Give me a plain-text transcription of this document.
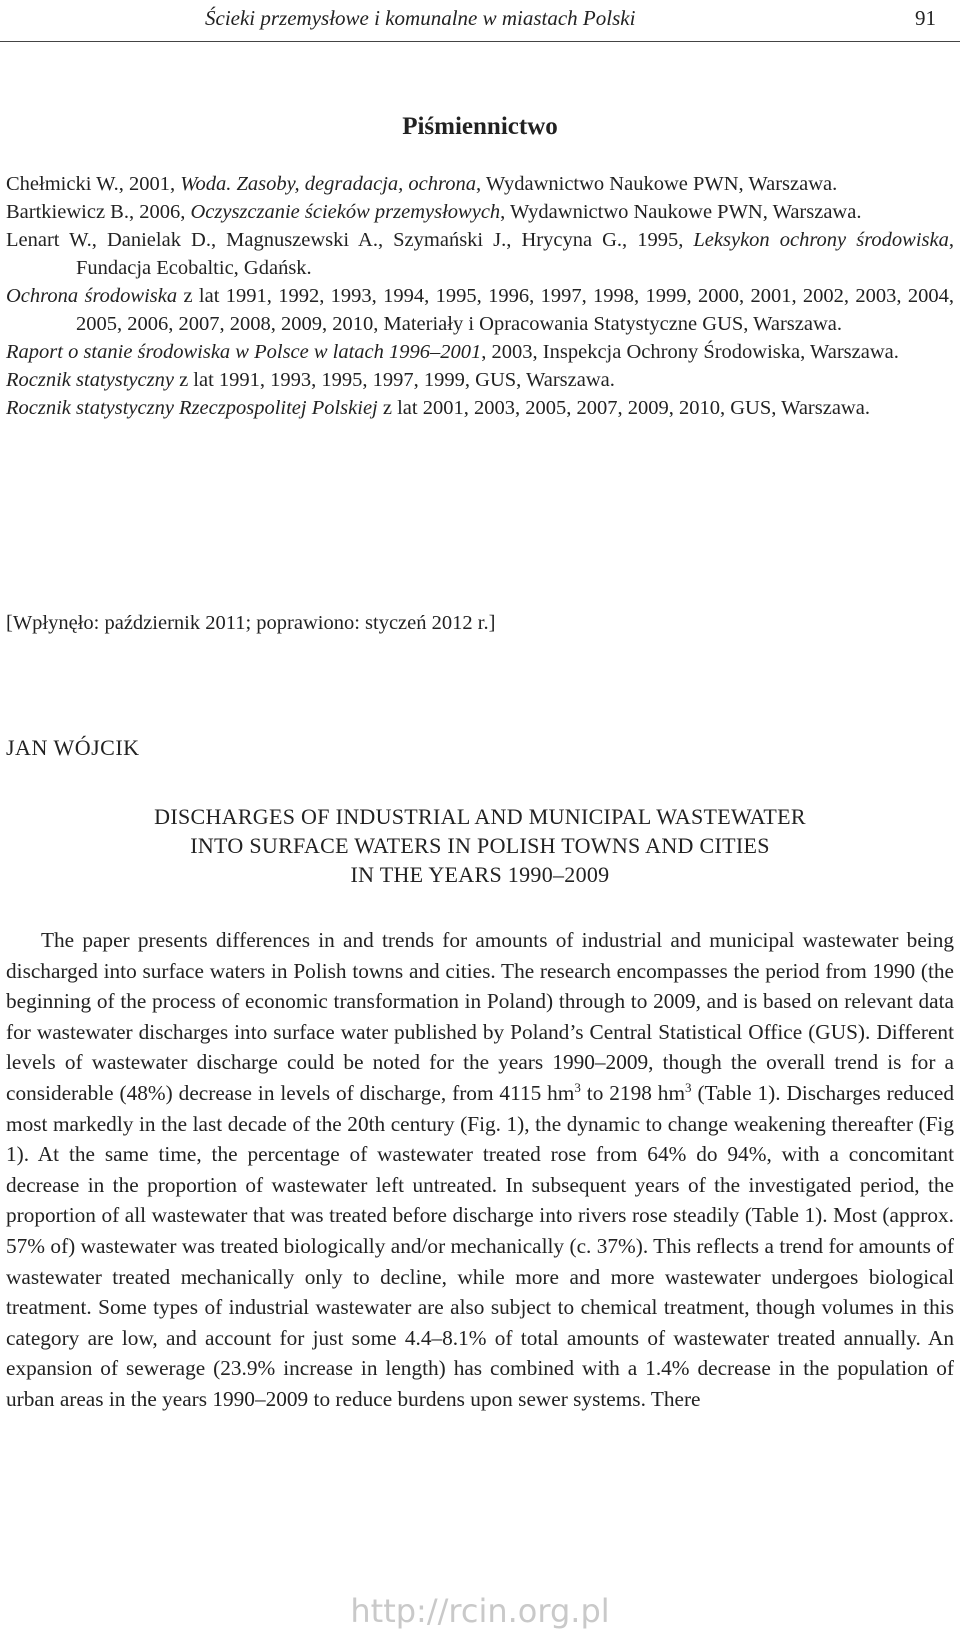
Ścieki przemysłowe i komunalne w miastach Polski	91
Piśmiennictwo

Chełmicki W., 2001, Woda. Zasoby, degradacja, ochrona, Wydawnictwo Naukowe PWN, Warszawa.

Bartkiewicz B., 2006, Oczyszczanie ścieków przemysłowych, Wydawnictwo Naukowe PWN, Warszawa.

Lenart W., Danielak D., Magnuszewski A., Szymański J., Hrycyna G., 1995, Leksykon ochrony środowiska, Fundacja Ecobaltic, Gdańsk.

Ochrona środowiska z lat 1991, 1992, 1993, 1994, 1995, 1996, 1997, 1998, 1999, 2000, 2001, 2002, 2003, 2004, 2005, 2006, 2007, 2008, 2009, 2010, Materiały i Opracowania Statystyczne GUS, Warszawa.

Raport o stanie środowiska w Polsce w latach 1996–2001, 2003, Inspekcja Ochrony Środowiska, Warszawa.

Rocznik statystyczny z lat 1991, 1993, 1995, 1997, 1999, GUS, Warszawa.

Rocznik statystyczny Rzeczpospolitej Polskiej z lat 2001, 2003, 2005, 2007, 2009, 2010, GUS, Warszawa.

[Wpłynęło: październik 2011; poprawiono: styczeń 2012 r.]
JAN WÓJCIK
DISCHARGES OF INDUSTRIAL AND MUNICIPAL WASTEWATER
INTO SURFACE WATERS IN POLISH TOWNS AND CITIES
IN THE YEARS 1990–2009

The paper presents differences in and trends for amounts of industrial and municipal wastewater being discharged into surface waters in Polish towns and cities. The research encompasses the period from 1990 (the beginning of the process of economic transformation in Poland) through to 2009, and is based on relevant data for wastewater discharges into surface water published by Poland’s Central Statistical Office (GUS). Different levels of wastewater discharge could be noted for the years 1990–2009, though the overall trend is for a considerable (48%) decrease in levels of discharge, from 4115 $hm^3$ to 2198 $hm^3$ (Table 1). Discharges reduced most markedly in the last decade of the 20th century (Fig. 1), the dynamic to change weakening thereafter (Fig 1). At the same time, the percentage of wastewater treated rose from 64% do 94%, with a concomitant decrease in the proportion of wastewater left untreated. In subsequent years of the investigated period, the proportion of all wastewater that was treated before discharge into rivers rose steadily (Table 1). Most (approx. 57% of) wastewater was treated biologically and/or mechanically (c. 37%). This reflects a trend for amounts of wastewater treated mechanically only to decline, while more and more wastewater undergoes biological treatment. Some types of industrial wastewater are also subject to chemical treatment, though volumes in this category are low, and account for just some 4.4–8.1% of total amounts of wastewater treated annually. An expansion of sewerage (23.9% increase in length) has combined with a 1.4% decrease in the population of urban areas in the years 1990–2009 to reduce burdens upon sewer systems. There

http://rcin.org.pl
